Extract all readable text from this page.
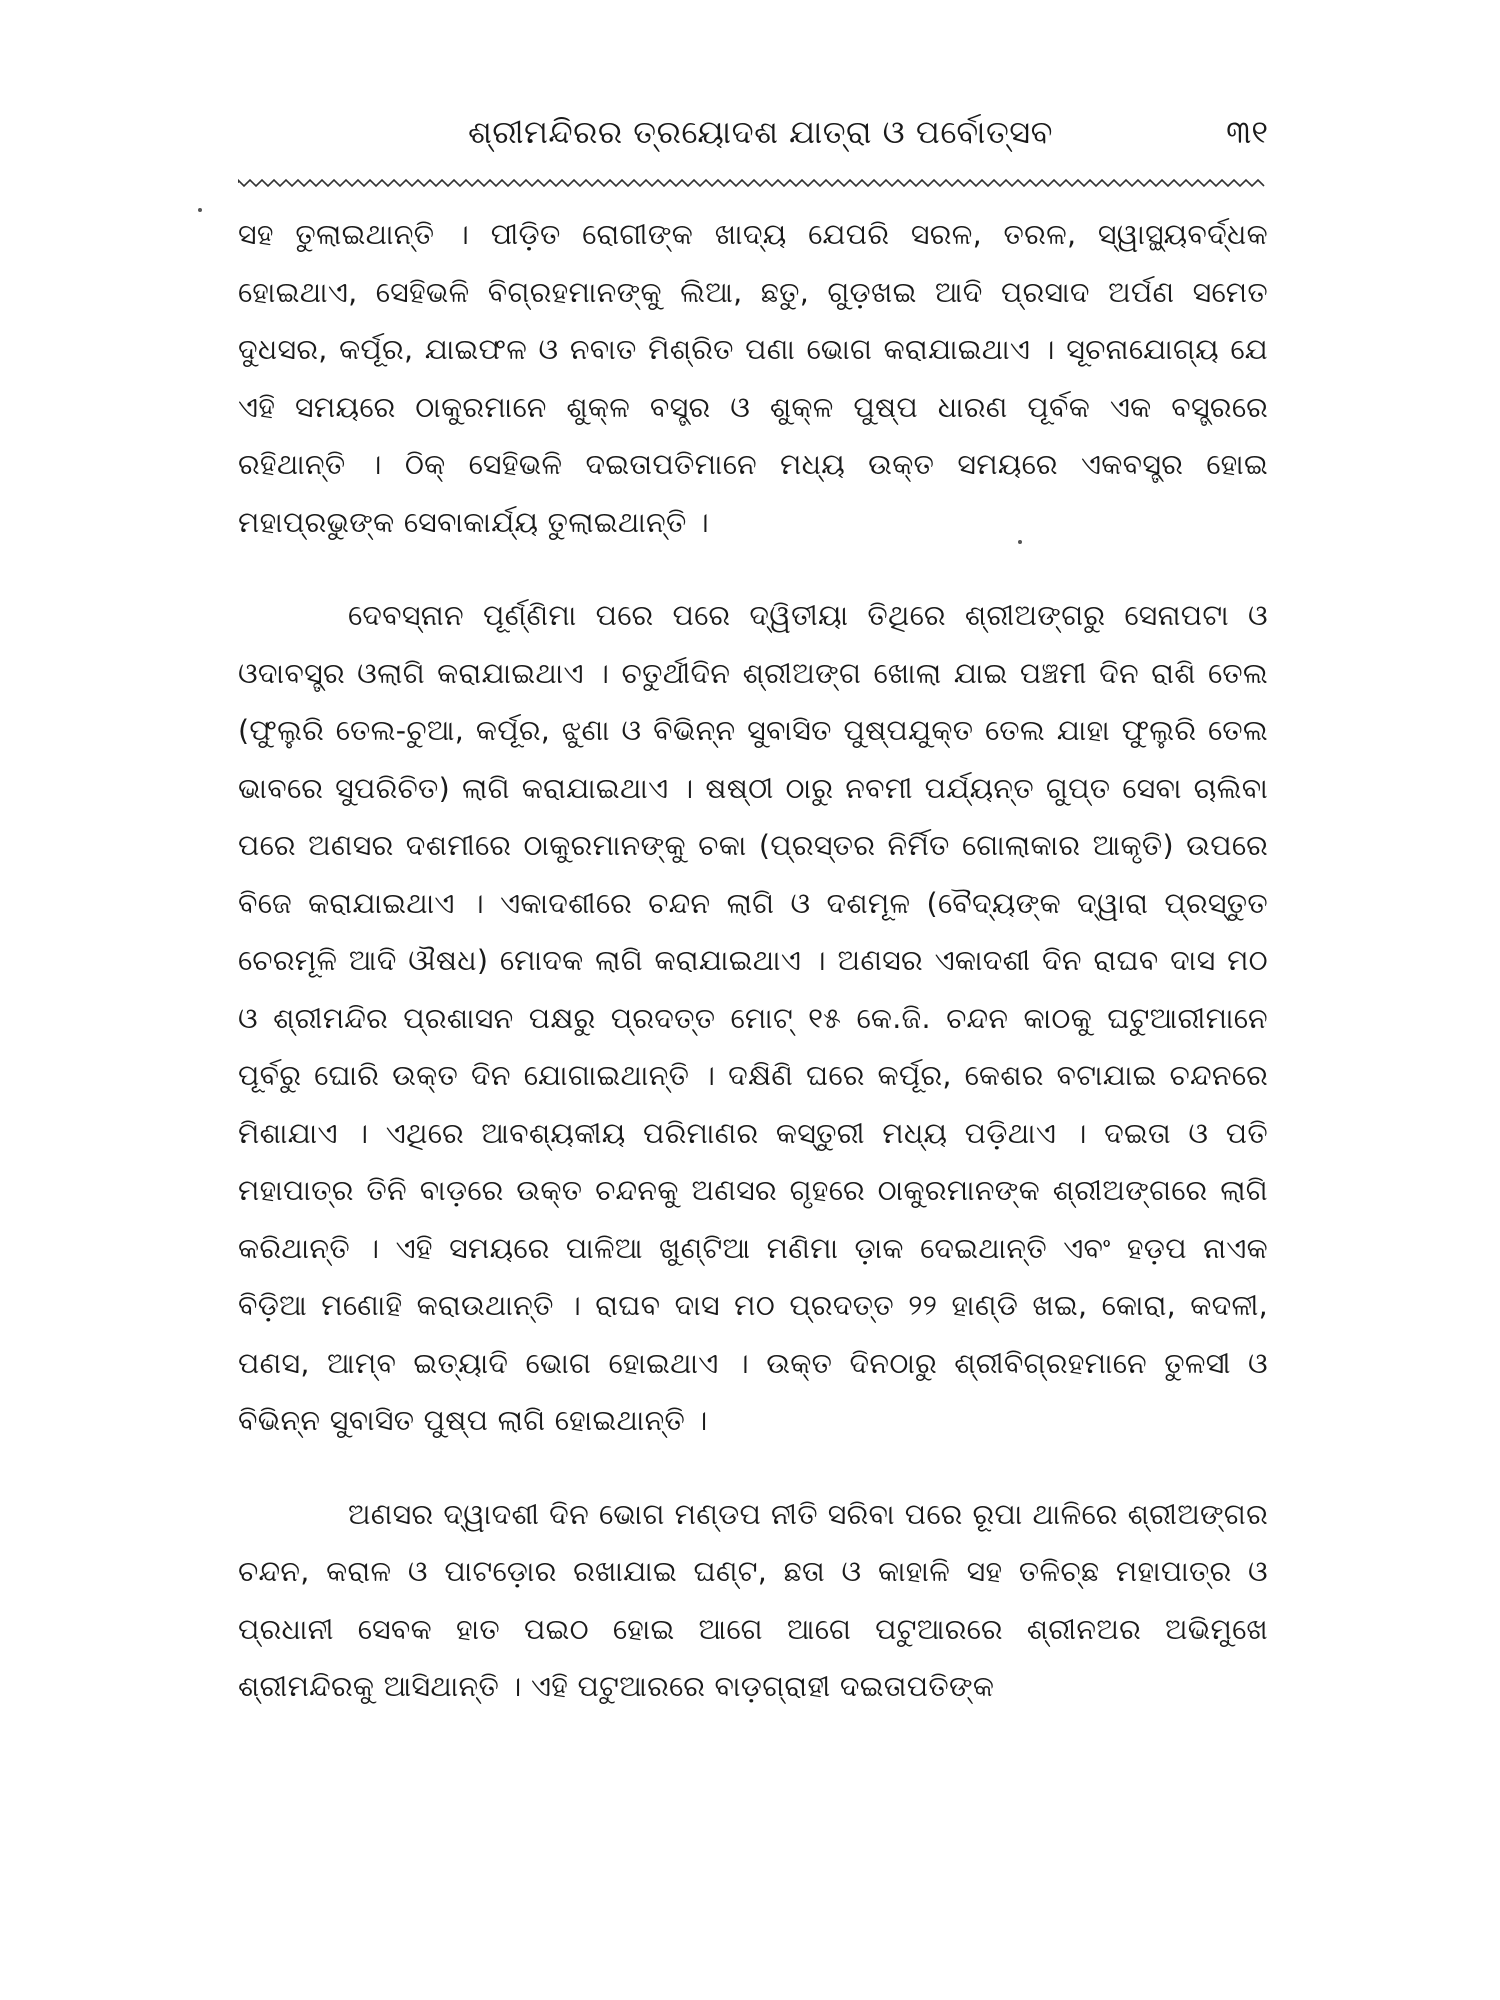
ଶ୍ରୀମନ୍ଦିରର ତ୍ରୟୋଦଶ ଯାତ୍ରା ଓ ପର୍ବୋତ୍ସବ	୩୧

ସହ ତୁଲାଇଥାନ୍ତି । ପୀଡ଼ିତ ରୋଗୀଙ୍କ ଖାଦ୍ୟ ଯେପରି ସରଳ, ତରଳ, ସ୍ୱାସ୍ଥ୍ୟବର୍ଦ୍ଧକ ହୋଇଥାଏ, ସେହିଭଳି ବିଗ୍ରହମାନଙ୍କୁ ଲିଆ, ଛତୁ, ଗୁଡ଼ଖଇ ଆଦି ପ୍ରସାଦ ଅର୍ପଣ ସମେତ ଦୁଧସର, କର୍ପୂର, ଯାଇଫଳ ଓ ନବାତ ମିଶ୍ରିତ ପଣା ଭୋଗ କରାଯାଇଥାଏ । ସୂଚନାଯୋଗ୍ୟ ଯେ ଏହି ସମୟରେ ଠାକୁରମାନେ ଶୁକ୍ଳ ବସ୍ତ୍ର ଓ ଶୁକ୍ଳ ପୁଷ୍ପ ଧାରଣ ପୂର୍ବକ ଏକ ବସ୍ତ୍ରରେ ରହିଥାନ୍ତି । ଠିକ୍ ସେହିଭଳି ଦଇତାପତିମାନେ ମଧ୍ୟ ଉକ୍ତ ସମୟରେ ଏକବସ୍ତ୍ର ହୋଇ ମହାପ୍ରଭୁଙ୍କ ସେବାକାର୍ଯ୍ୟ ତୁଲାଇଥାନ୍ତି ।

ଦେବସ୍ନାନ ପୂର୍ଣ୍ଣିମା ପରେ ପରେ ଦ୍ୱିତୀୟା ତିଥିରେ ଶ୍ରୀଅଙ୍ଗରୁ ସେନାପଟା ଓ ଓଦାବସ୍ତ୍ର ଓଲାଗି କରାଯାଇଥାଏ । ଚତୁର୍ଥୀଦିନ ଶ୍ରୀଅଙ୍ଗ ଖୋଲା ଯାଇ ପଞ୍ଚମୀ ଦିନ ରାଶି ତେଲ (ଫୁଲୁରି ତେଲ-ଚୁଆ, କର୍ପୂର, ଝୁଣା ଓ ବିଭିନ୍ନ ସୁବାସିତ ପୁଷ୍ପଯୁକ୍ତ ତେଲ ଯାହା ଫୁଲୁରି ତେଲ ଭାବରେ ସୁପରିଚିତ) ଲାଗି କରାଯାଇଥାଏ । ଷଷ୍ଠୀ ଠାରୁ ନବମୀ ପର୍ଯ୍ୟନ୍ତ ଗୁପ୍ତ ସେବା ଚାଲିବା ପରେ ଅଣସର ଦଶମୀରେ ଠାକୁରମାନଙ୍କୁ ଚକା (ପ୍ରସ୍ତର ନିର୍ମିତ ଗୋଲାକାର ଆକୃତି) ଉପରେ ବିଜେ କରାଯାଇଥାଏ । ଏକାଦଶୀରେ ଚନ୍ଦନ ଲାଗି ଓ ଦଶମୂଳ (ବୈଦ୍ୟଙ୍କ ଦ୍ୱାରା ପ୍ରସ୍ତୁତ ଚେରମୂଳି ଆଦି ଔଷଧ) ମୋଦକ ଲାଗି କରାଯାଇଥାଏ । ଅଣସର ଏକାଦଶୀ ଦିନ ରାଘବ ଦାସ ମଠ ଓ ଶ୍ରୀମନ୍ଦିର ପ୍ରଶାସନ ପକ୍ଷରୁ ପ୍ରଦତ୍ତ ମୋଟ୍ ୧୫ କେ.ଜି. ଚନ୍ଦନ କାଠକୁ ଘଟୁଆରୀମାନେ ପୂର୍ବରୁ ଘୋରି ଉକ୍ତ ଦିନ ଯୋଗାଇଥାନ୍ତି । ଦକ୍ଷିଣି ଘରେ କର୍ପୂର, କେଶର ବଟାଯାଇ ଚନ୍ଦନରେ ମିଶାଯାଏ । ଏଥିରେ ଆବଶ୍ୟକୀୟ ପରିମାଣର କସ୍ତୁରୀ ମଧ୍ୟ ପଡ଼ିଥାଏ । ଦଇତା ଓ ପତି ମହାପାତ୍ର ତିନି ବାଡ଼ରେ ଉକ୍ତ ଚନ୍ଦନକୁ ଅଣସର ଗୃହରେ ଠାକୁରମାନଙ୍କ ଶ୍ରୀଅଙ୍ଗରେ ଲାଗି କରିଥାନ୍ତି । ଏହି ସମୟରେ ପାଳିଆ ଖୁଣ୍ଟିଆ ମଣିମା ଡ଼ାକ ଦେଇଥାନ୍ତି ଏବଂ ହଡ଼ପ ନାଏକ ବିଡ଼ିଆ ମଣୋହି କରାଉଥାନ୍ତି । ରାଘବ ଦାସ ମଠ ପ୍ରଦତ୍ତ ୨୨ ହାଣ୍ଡି ଖଇ, କୋରା, କଦଳୀ, ପଣସ, ଆମ୍ବ ଇତ୍ୟାଦି ଭୋଗ ହୋଇଥାଏ । ଉକ୍ତ ଦିନଠାରୁ ଶ୍ରୀବିଗ୍ରହମାନେ ତୁଳସୀ ଓ ବିଭିନ୍ନ ସୁବାସିତ ପୁଷ୍ପ ଲାଗି ହୋଇଥାନ୍ତି ।

ଅଣସର ଦ୍ୱାଦଶୀ ଦିନ ଭୋଗ ମଣ୍ଡପ ନୀତି ସରିବା ପରେ ରୂପା ଥାଳିରେ ଶ୍ରୀଅଙ୍ଗର ଚନ୍ଦନ, କରାଳ ଓ ପାଟଡ଼ୋର ରଖାଯାଇ ଘଣ୍ଟ, ଛତା ଓ କାହାଳି ସହ ତଳିଚ୍ଛ ମହାପାତ୍ର ଓ ପ୍ରଧାନୀ ସେବକ ହାତ ପଇଠ ହୋଇ ଆଗେ ଆଗେ ପଟୁଆରରେ ଶ୍ରୀନଅର ଅଭିମୁଖେ ଶ୍ରୀମନ୍ଦିରକୁ ଆସିଥାନ୍ତି । ଏହି ପଟୁଆରରେ ବାଡ଼ଗ୍ରାହୀ ଦଇତାପତିଙ୍କ
